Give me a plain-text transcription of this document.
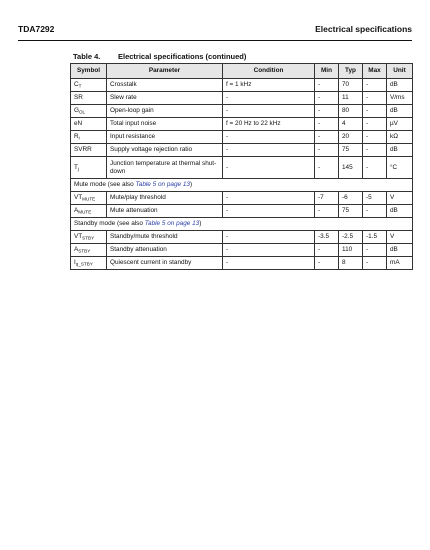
TDA7292	Electrical specifications
Table 4. Electrical specifications (continued)
Symbol	Parameter	Condition	Min	Typ	Max	Unit
$C_T$	Crosstalk	f = 1 kHz	-	70	-	dB
SR	Slew rate	-	-	11	-	V/ms
$G_{OL}$	Open-loop gain	-	-	80	-	dB
eN	Total input noise	f = 20 Hz to 22 kHz	-	4	-	µV
$R_i$	Input resistance	-	-	20	-	kΩ
SVRR	Supply voltage rejection ratio	-	-	75	-	dB
$T_j$	Junction temperature at thermal shut-down	-	-	145	-	°C
Mute mode (see also Table 5 on page 13)						
$VT_{MUTE}$	Mute/play threshold	-	-7	-6	-5	V
$A_{MUTE}$	Mute attenuation	-	-	75	-	dB
Standby mode (see also Table 5 on page 13)						
$VT_{STBY}$	Standby/mute threshold	-	-3.5	-2.5	-1.5	V
$A_{STBY}$	Standby attenuation	-	-	110	-	dB
$I_{q\_STBY}$	Quiescent current in standby	-	-	8	-	mA
